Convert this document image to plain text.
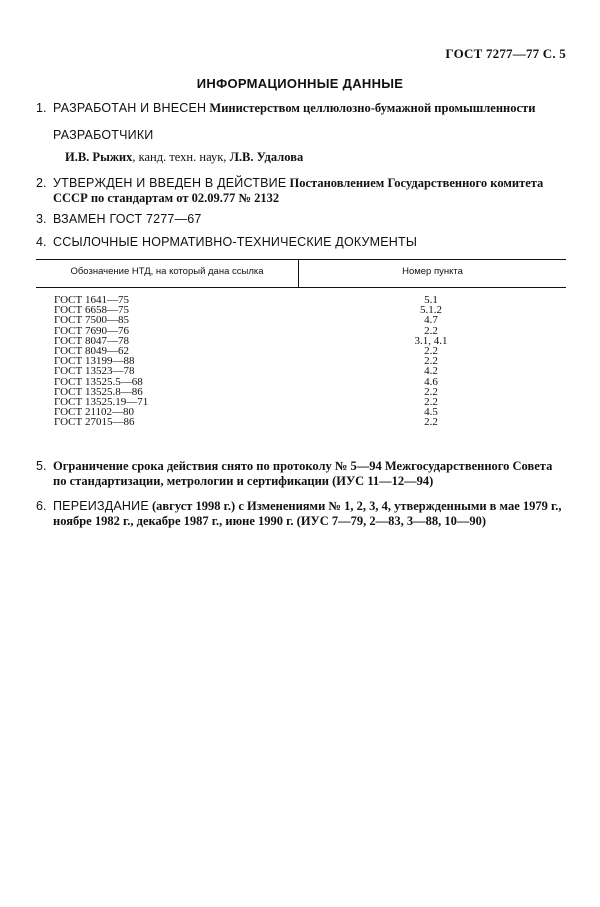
ГОСТ 7277—77 С. 5
ИНФОРМАЦИОННЫЕ ДАННЫЕ
1. РАЗРАБОТАН И ВНЕСЕН Министерством целлюлозно-бумажной промышленности
РАЗРАБОТЧИКИ
И.В. Рыжих, канд. техн. наук, Л.В. Удалова
2. УТВЕРЖДЕН И ВВЕДЕН В ДЕЙСТВИЕ Постановлением Государственного комитета СССР по стандартам от 02.09.77 № 2132
3. ВЗАМЕН ГОСТ 7277—67
4. ССЫЛОЧНЫЕ НОРМАТИВНО-ТЕХНИЧЕСКИЕ ДОКУМЕНТЫ
Обозначение НТД, на который дана ссылка	Номер пункта
ГОСТ 1641—75	5.1
ГОСТ 6658—75	5.1.2
ГОСТ 7500—85	4.7
ГОСТ 7690—76	2.2
ГОСТ 8047—78	3.1, 4.1
ГОСТ 8049—62	2.2
ГОСТ 13199—88	2.2
ГОСТ 13523—78	4.2
ГОСТ 13525.5—68	4.6
ГОСТ 13525.8—86	2.2
ГОСТ 13525.19—71	2.2
ГОСТ 21102—80	4.5
ГОСТ 27015—86	2.2
5. Ограничение срока действия снято по протоколу № 5—94 Межгосударственного Совета по стандартизации, метрологии и сертификации (ИУС 11—12—94)
6. ПЕРЕИЗДАНИЕ (август 1998 г.) с Изменениями № 1, 2, 3, 4, утвержденными в мае 1979 г., ноябре 1982 г., декабре 1987 г., июне 1990 г. (ИУС 7—79, 2—83, 3—88, 10—90)
